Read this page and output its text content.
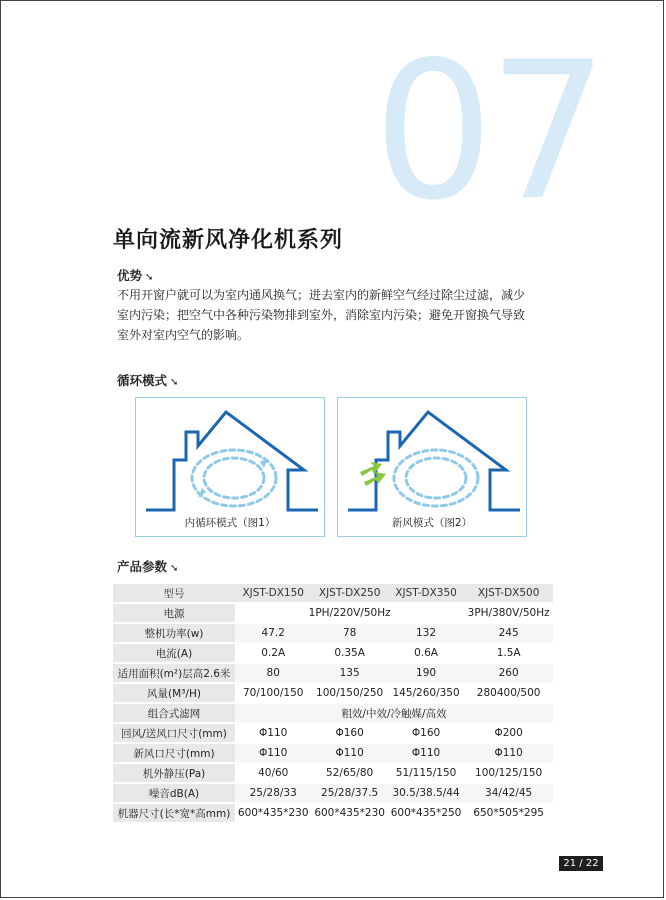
07
单向流新风净化机系列
优势 ➘
不用开窗户就可以为室内通风换气；进去室内的新鲜空气经过除尘过滤，减少
室内污染；把空气中各种污染物排到室外，消除室内污染；避免开窗换气导致
室外对室内空气的影响。
循环模式 ➘
内循环模式（图1）	新风模式（图2）
产品参数 ➘
型号	XJST-DX150	XJST-DX250	XJST-DX350	XJST-DX500
电源	1PH/220V/50Hz			3PH/380V/50Hz
整机功率(w)	47.2	78	132	245
电流(A)	0.2A	0.35A	0.6A	1.5A
适用面积(m²)层高2.6米	80	135	190	260
风量(M³/H)	70/100/150	100/150/250	145/260/350	280400/500
组合式滤网	粗效/中效/冷触媒/高效			
回风/送风口尺寸(mm)	Φ110	Φ160	Φ160	Φ200
新风口尺寸(mm)	Φ110	Φ110	Φ110	Φ110
机外静压(Pa)	40/60	52/65/80	51/115/150	100/125/150
噪音dB(A)	25/28/33	25/28/37.5	30.5/38.5/44	34/42/45
机器尺寸(长*宽*高mm)	600*435*230	600*435*230	600*435*250	650*505*295
21 / 22
